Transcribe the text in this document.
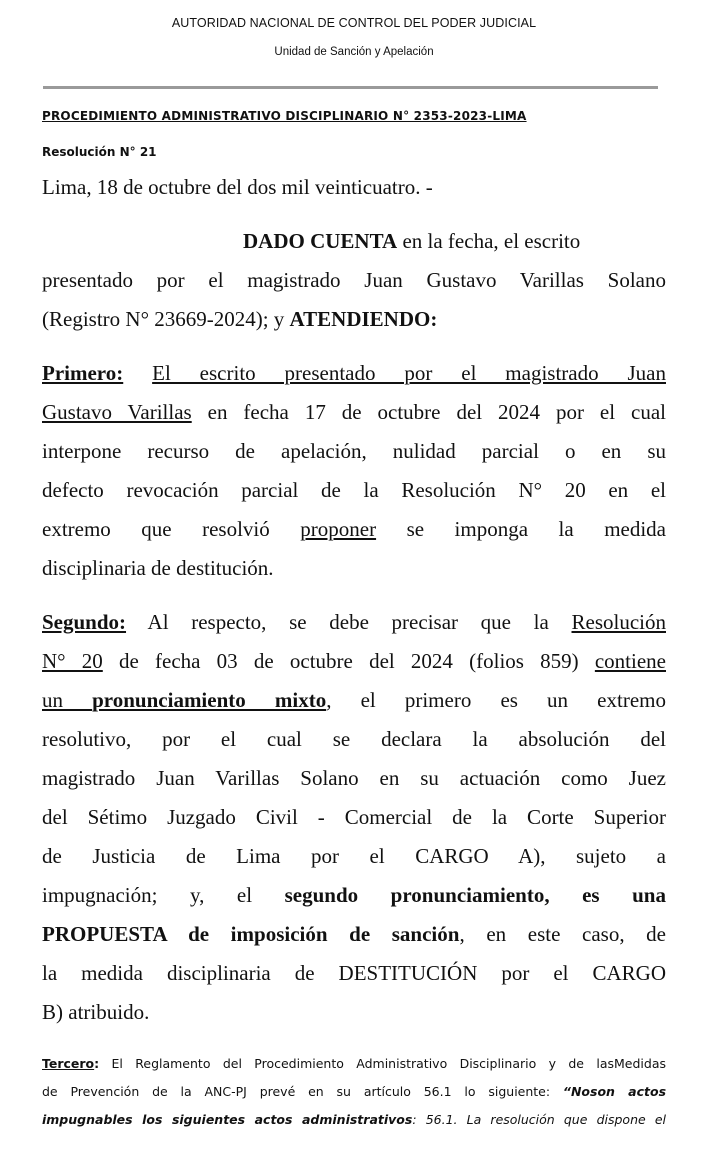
AUTORIDAD NACIONAL DE CONTROL DEL PODER JUDICIAL
Unidad de Sanción y Apelación
PROCEDIMIENTO ADMINISTRATIVO DISCIPLINARIO N° 2353-2023-LIMA
Resolución N° 21
Lima, 18 de octubre del dos mil veinticuatro. -
DADO CUENTA en la fecha, el escrito
presentado por el magistrado Juan Gustavo Varillas Solano
(Registro N° 23669-2024); y ATENDIENDO:
Primero: El escrito presentado por el magistrado Juan
Gustavo Varillas en fecha 17 de octubre del 2024 por el cual
interpone recurso de apelación, nulidad parcial o en su
defecto revocación parcial de la Resolución N° 20 en el
extremo que resolvió proponer se imponga la medida
disciplinaria de destitución.
Segundo: Al respecto, se debe precisar que la Resolución
N° 20 de fecha 03 de octubre del 2024 (folios 859) contiene
un pronunciamiento mixto, el primero es un extremo
resolutivo, por el cual se declara la absolución del
magistrado Juan Varillas Solano en su actuación como Juez
del Sétimo Juzgado Civil - Comercial de la Corte Superior
de Justicia de Lima por el CARGO A), sujeto a
impugnación; y, el segundo pronunciamiento, es una
PROPUESTA de imposición de sanción, en este caso, de
la medida disciplinaria de DESTITUCIÓN por el CARGO
B) atribuido.
Tercero: El Reglamento del Procedimiento Administrativo Disciplinario y de lasMedidas
de Prevención de la ANC-PJ prevé en su artículo 56.1 lo siguiente: “Noson actos
impugnables los siguientes actos administrativos: 56.1. La resolución que dispone el
